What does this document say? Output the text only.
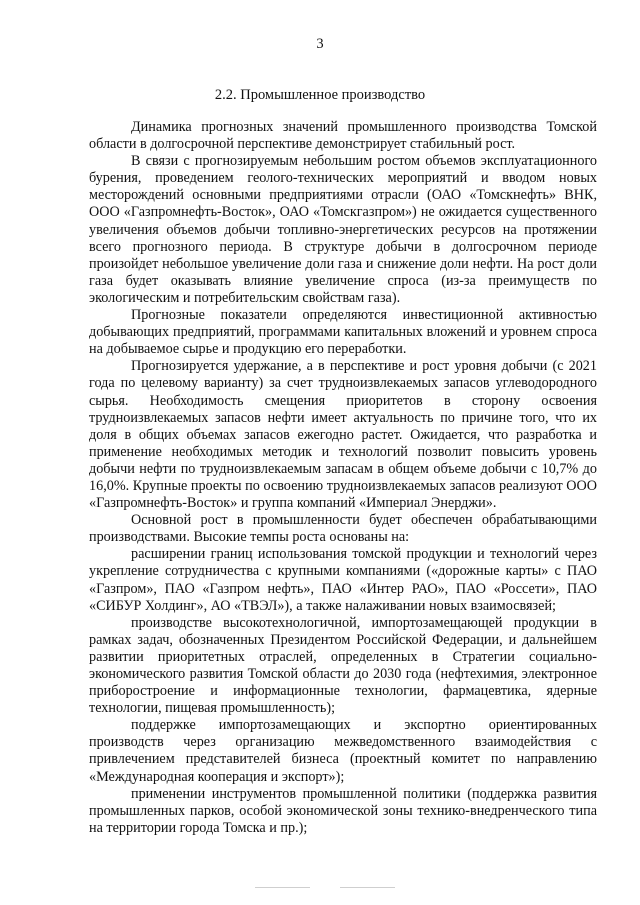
3
2.2. Промышленное производство

Динамика прогнозных значений промышленного производства Томской области в долгосрочной перспективе демонстрирует стабильный рост.

В связи с прогнозируемым небольшим ростом объемов эксплуатационного бурения, проведением геолого-технических мероприятий и вводом новых месторождений основными предприятиями отрасли (ОАО «Томскнефть» ВНК, ООО «Газпромнефть-Восток», ОАО «Томскгазпром») не ожидается существенного увеличения объемов добычи топливно-энергетических ресурсов на протяжении всего прогнозного периода. В структуре добычи в долгосрочном периоде произойдет небольшое увеличение доли газа и снижение доли нефти. На рост доли газа будет оказывать влияние увеличение спроса (из-за преимуществ по экологическим и потребительским свойствам газа).

Прогнозные показатели определяются инвестиционной активностью добывающих предприятий, программами капитальных вложений и уровнем спроса на добываемое сырье и продукцию его переработки.

Прогнозируется удержание, а в перспективе и рост уровня добычи (с 2021 года по целевому варианту) за счет трудноизвлекаемых запасов углеводородного сырья. Необходимость смещения приоритетов в сторону освоения трудноизвлекаемых запасов нефти имеет актуальность по причине того, что их доля в общих объемах запасов ежегодно растет. Ожидается, что разработка и применение необходимых методик и технологий позволит повысить уровень добычи нефти по трудноизвлекаемым запасам в общем объеме добычи с 10,7% до 16,0%. Крупные проекты по освоению трудноизвлекаемых запасов реализуют ООО «Газпромнефть-Восток» и группа компаний «Империал Энерджи».

Основной рост в промышленности будет обеспечен обрабатывающими производствами. Высокие темпы роста основаны на:

расширении границ использования томской продукции и технологий через укрепление сотрудничества с крупными компаниями («дорожные карты» с ПАО «Газпром», ПАО «Газпром нефть», ПАО «Интер РАО», ПАО «Россети», ПАО «СИБУР Холдинг», АО «ТВЭЛ»), а также налаживании новых взаимосвязей;

производстве высокотехнологичной, импортозамещающей продукции в рамках задач, обозначенных Президентом Российской Федерации, и дальнейшем развитии приоритетных отраслей, определенных в Стратегии социально-экономического развития Томской области до 2030 года (нефтехимия, электронное приборостроение и информационные технологии, фармацевтика, ядерные технологии, пищевая промышленность);

поддержке импортозамещающих и экспортно ориентированных производств через организацию межведомственного взаимодействия с привлечением представителей бизнеса (проектный комитет по направлению «Международная кооперация и экспорт»);

применении инструментов промышленной политики (поддержка развития промышленных парков, особой экономической зоны технико-внедренческого типа на территории города Томска и пр.);
